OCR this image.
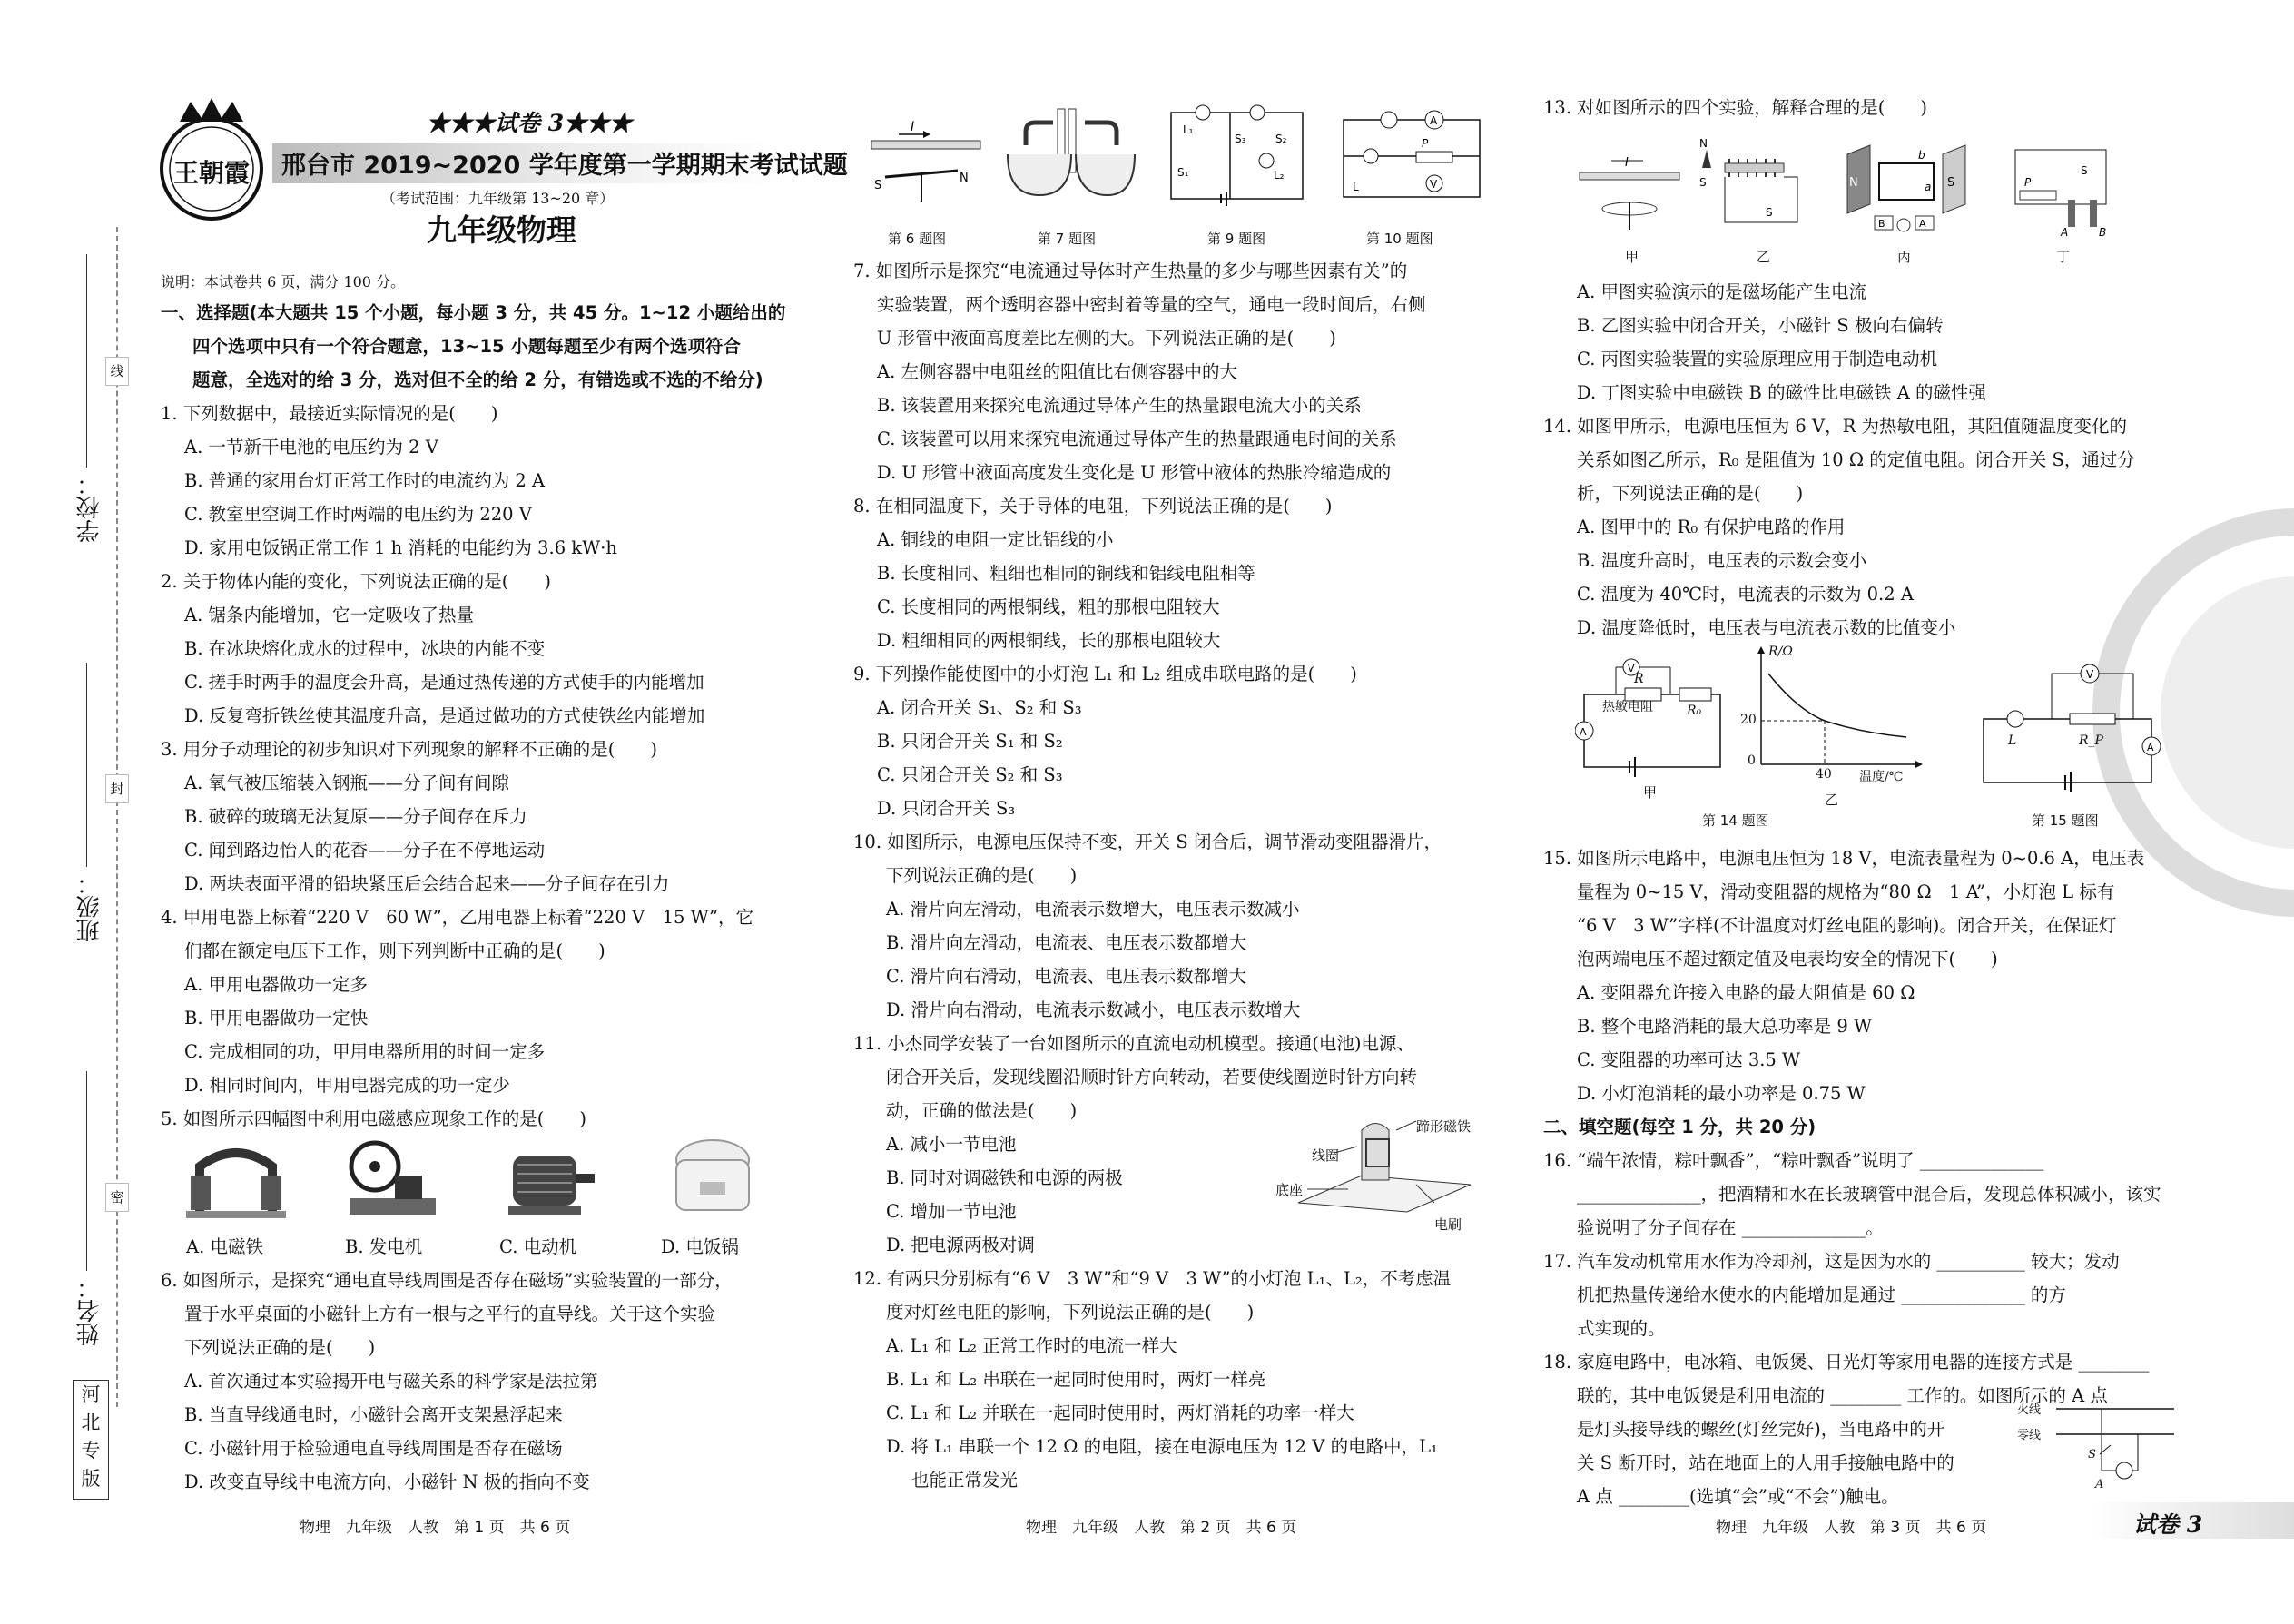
线
封
密
学校：
班级：
姓名：
河
北
专
版
王朝霞
★★★试卷 3★★★
邢台市 2019~2020 学年度第一学期期末考试试题
（考试范围：九年级第 13~20 章）
九年级物理
说明：本试卷共 6 页，满分 100 分。
一、选择题(本大题共 15 个小题，每小题 3 分，共 45 分。1~12 小题给出的
四个选项中只有一个符合题意，13~15 小题每题至少有两个选项符合
题意，全选对的给 3 分，选对但不全的给 2 分，有错选或不选的不给分)
1. 下列数据中，最接近实际情况的是(　　)
A. 一节新干电池的电压约为 2 V
B. 普通的家用台灯正常工作时的电流约为 2 A
C. 教室里空调工作时两端的电压约为 220 V
D. 家用电饭锅正常工作 1 h 消耗的电能约为 3.6 kW·h
2. 关于物体内能的变化，下列说法正确的是(　　)
A. 锯条内能增加，它一定吸收了热量
B. 在冰块熔化成水的过程中，冰块的内能不变
C. 搓手时两手的温度会升高，是通过热传递的方式使手的内能增加
D. 反复弯折铁丝使其温度升高，是通过做功的方式使铁丝内能增加
3. 用分子动理论的初步知识对下列现象的解释不正确的是(　　)
A. 氧气被压缩装入钢瓶——分子间有间隙
B. 破碎的玻璃无法复原——分子间存在斥力
C. 闻到路边怡人的花香——分子在不停地运动
D. 两块表面平滑的铅块紧压后会结合起来——分子间存在引力
4. 甲用电器上标着“220 V　60 W”，乙用电器上标着“220 V　15 W”，它
们都在额定电压下工作，则下列判断中正确的是(　　)
A. 甲用电器做功一定多
B. 甲用电器做功一定快
C. 完成相同的功，甲用电器所用的时间一定多
D. 相同时间内，甲用电器完成的功一定少
5. 如图所示四幅图中利用电磁感应现象工作的是(　　)
A. 电磁铁	B. 发电机	C. 电动机	D. 电饭锅
6. 如图所示，是探究“通电直导线周围是否存在磁场”实验装置的一部分，
置于水平桌面的小磁针上方有一根与之平行的直导线。关于这个实验
下列说法正确的是(　　)
A. 首次通过本实验揭开电与磁关系的科学家是法拉第
B. 当直导线通电时，小磁针会离开支架悬浮起来
C. 小磁针用于检验通电直导线周围是否存在磁场
D. 改变直导线中电流方向，小磁针 N 极的指向不变
I
S
N
L₁
S₂
S₃
S₁	L₂
A
P
V
L
第 6 题图	第 7 题图	第 9 题图	第 10 题图
7. 如图所示是探究“电流通过导体时产生热量的多少与哪些因素有关”的
实验装置，两个透明容器中密封着等量的空气，通电一段时间后，右侧
U 形管中液面高度差比左侧的大。下列说法正确的是(　　)
A. 左侧容器中电阻丝的阻值比右侧容器中的大
B. 该装置用来探究电流通过导体产生的热量跟电流大小的关系
C. 该装置可以用来探究电流通过导体产生的热量跟通电时间的关系
D. U 形管中液面高度发生变化是 U 形管中液体的热胀冷缩造成的
8. 在相同温度下，关于导体的电阻，下列说法正确的是(　　)
A. 铜线的电阻一定比铝线的小
B. 长度相同、粗细也相同的铜线和铝线电阻相等
C. 长度相同的两根铜线，粗的那根电阻较大
D. 粗细相同的两根铜线，长的那根电阻较大
9. 下列操作能使图中的小灯泡 L₁ 和 L₂ 组成串联电路的是(　　)
A. 闭合开关 S₁、S₂ 和 S₃
B. 只闭合开关 S₁ 和 S₂
C. 只闭合开关 S₂ 和 S₃
D. 只闭合开关 S₃
10. 如图所示，电源电压保持不变，开关 S 闭合后，调节滑动变阻器滑片，
下列说法正确的是(　　)
A. 滑片向左滑动，电流表示数增大，电压表示数减小
B. 滑片向左滑动，电流表、电压表示数都增大
C. 滑片向右滑动，电流表、电压表示数都增大
D. 滑片向右滑动，电流表示数减小，电压表示数增大
11. 小杰同学安装了一台如图所示的直流电动机模型。接通(电池)电源、
闭合开关后，发现线圈沿顺时针方向转动，若要使线圈逆时针方向转
动，正确的做法是(　　)
A. 减小一节电池
B. 同时对调磁铁和电源的两极
C. 增加一节电池
D. 把电源两极对调
线圈
蹄形磁铁
底座
电刷
12. 有两只分别标有“6 V　3 W”和“9 V　3 W”的小灯泡 L₁、L₂，不考虑温
度对灯丝电阻的影响，下列说法正确的是(　　)
A. L₁ 和 L₂ 正常工作时的电流一样大
B. L₁ 和 L₂ 串联在一起同时使用时，两灯一样亮
C. L₁ 和 L₂ 并联在一起同时使用时，两灯消耗的功率一样大
D. 将 L₁ 串联一个 12 Ω 的电阻，接在电源电压为 12 V 的电路中，L₁
也能正常发光
13. 对如图所示的四个实验，解释合理的是(　　)
I
N
S
S
N	S
a
b
B	A
S
P
A	B
甲	乙	丙	丁
A. 甲图实验演示的是磁场能产生电流
B. 乙图实验中闭合开关，小磁针 S 极向右偏转
C. 丙图实验装置的实验原理应用于制造电动机
D. 丁图实验中电磁铁 B 的磁性比电磁铁 A 的磁性强
14. 如图甲所示，电源电压恒为 6 V，R 为热敏电阻，其阻值随温度变化的
关系如图乙所示，R₀ 是阻值为 10 Ω 的定值电阻。闭合开关 S，通过分
析，下列说法正确的是(　　)
A. 图甲中的 R₀ 有保护电路的作用
B. 温度升高时，电压表的示数会变小
C. 温度为 40℃时，电流表的示数为 0.2 A
D. 温度降低时，电压表与电流表示数的比值变小
V
A
R
热敏电阻	R₀
甲
R/Ω
20
0
40 温度/℃
乙
第 14 题图
V
A
L	R_P
第 15 题图
15. 如图所示电路中，电源电压恒为 18 V，电流表量程为 0~0.6 A，电压表
量程为 0~15 V，滑动变阻器的规格为“80 Ω　1 A”，小灯泡 L 标有
“6 V　3 W”字样(不计温度对灯丝电阻的影响)。闭合开关，在保证灯
泡两端电压不超过额定值及电表均安全的情况下(　　)
A. 变阻器允许接入电路的最大阻值是 60 Ω
B. 整个电路消耗的最大总功率是 9 W
C. 变阻器的功率可达 3.5 W
D. 小灯泡消耗的最小功率是 0.75 W
二、填空题(每空 1 分，共 20 分)
16. “端午浓情，粽叶飘香”，“粽叶飘香”说明了 ______________
______________，把酒精和水在长玻璃管中混合后，发现总体积减小，该实
验说明了分子间存在 ______________。
17. 汽车发动机常用水作为冷却剂，这是因为水的 __________ 较大；发动
机把热量传递给水使水的内能增加是通过 ______________ 的方
式实现的。
18. 家庭电路中，电冰箱、电饭煲、日光灯等家用电器的连接方式是 ________
联的，其中电饭煲是利用电流的 ________ 工作的。如图所示的 A 点
是灯头接导线的螺丝(灯丝完好)，当电路中的开
关 S 断开时，站在地面上的人用手接触电路中的
A 点 ________(选填“会”或“不会”)触电。
火线
零线
S
A
物理　九年级　人教　第 1 页　共 6 页	物理　九年级　人教　第 2 页　共 6 页	物理　九年级　人教　第 3 页　共 6 页	试卷 3
